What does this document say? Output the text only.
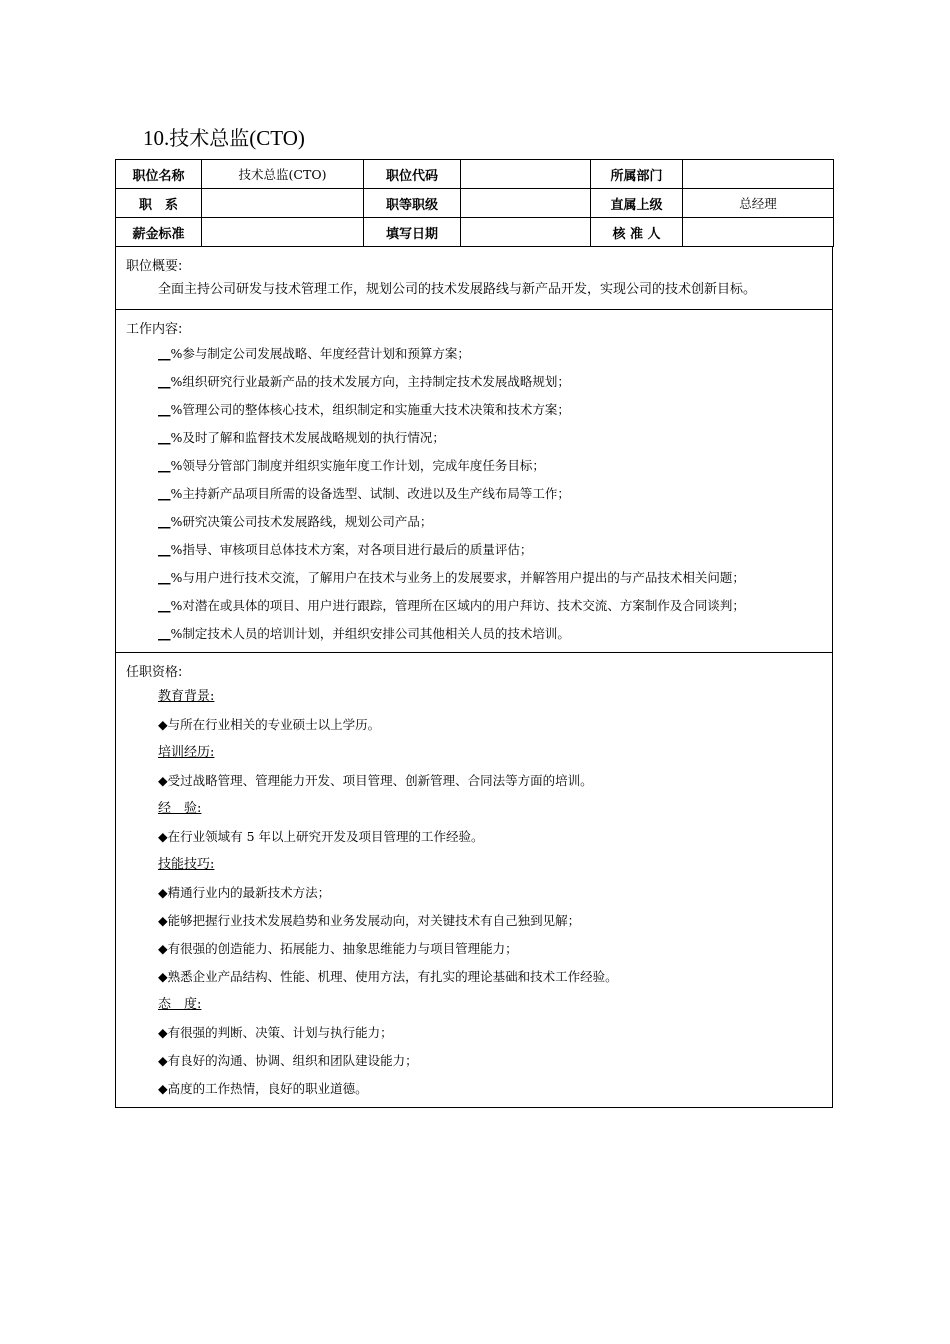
10.技术总监(CTO)
职位名称	技术总监(CTO)	职位代码		所属部门	
职　系		职等职级		直属上级	总经理
薪金标准		填写日期		核 准 人	
职位概要:
全面主持公司研发与技术管理工作，规划公司的技术发展路线与新产品开发，实现公司的技术创新目标。
工作内容:
__%参与制定公司发展战略、年度经营计划和预算方案；
__%组织研究行业最新产品的技术发展方向，主持制定技术发展战略规划；
__%管理公司的整体核心技术，组织制定和实施重大技术决策和技术方案；
__%及时了解和监督技术发展战略规划的执行情况；
__%领导分管部门制度并组织实施年度工作计划，完成年度任务目标；
__%主持新产品项目所需的设备选型、试制、改进以及生产线布局等工作；
__%研究决策公司技术发展路线，规划公司产品；
__%指导、审核项目总体技术方案，对各项目进行最后的质量评估；
__%与用户进行技术交流，了解用户在技术与业务上的发展要求，并解答用户提出的与产品技术相关问题；
__%对潜在或具体的项目、用户进行跟踪，管理所在区域内的用户拜访、技术交流、方案制作及合同谈判；
__%制定技术人员的培训计划，并组织安排公司其他相关人员的技术培训。
任职资格:
教育背景:
◆与所在行业相关的专业硕士以上学历。
培训经历:
◆受过战略管理、管理能力开发、项目管理、创新管理、合同法等方面的培训。
经　验:
◆在行业领域有 5 年以上研究开发及项目管理的工作经验。
技能技巧:
◆精通行业内的最新技术方法；
◆能够把握行业技术发展趋势和业务发展动向，对关键技术有自己独到见解；
◆有很强的创造能力、拓展能力、抽象思维能力与项目管理能力；
◆熟悉企业产品结构、性能、机理、使用方法，有扎实的理论基础和技术工作经验。
态　度:
◆有很强的判断、决策、计划与执行能力；
◆有良好的沟通、协调、组织和团队建设能力；
◆高度的工作热情，良好的职业道德。
